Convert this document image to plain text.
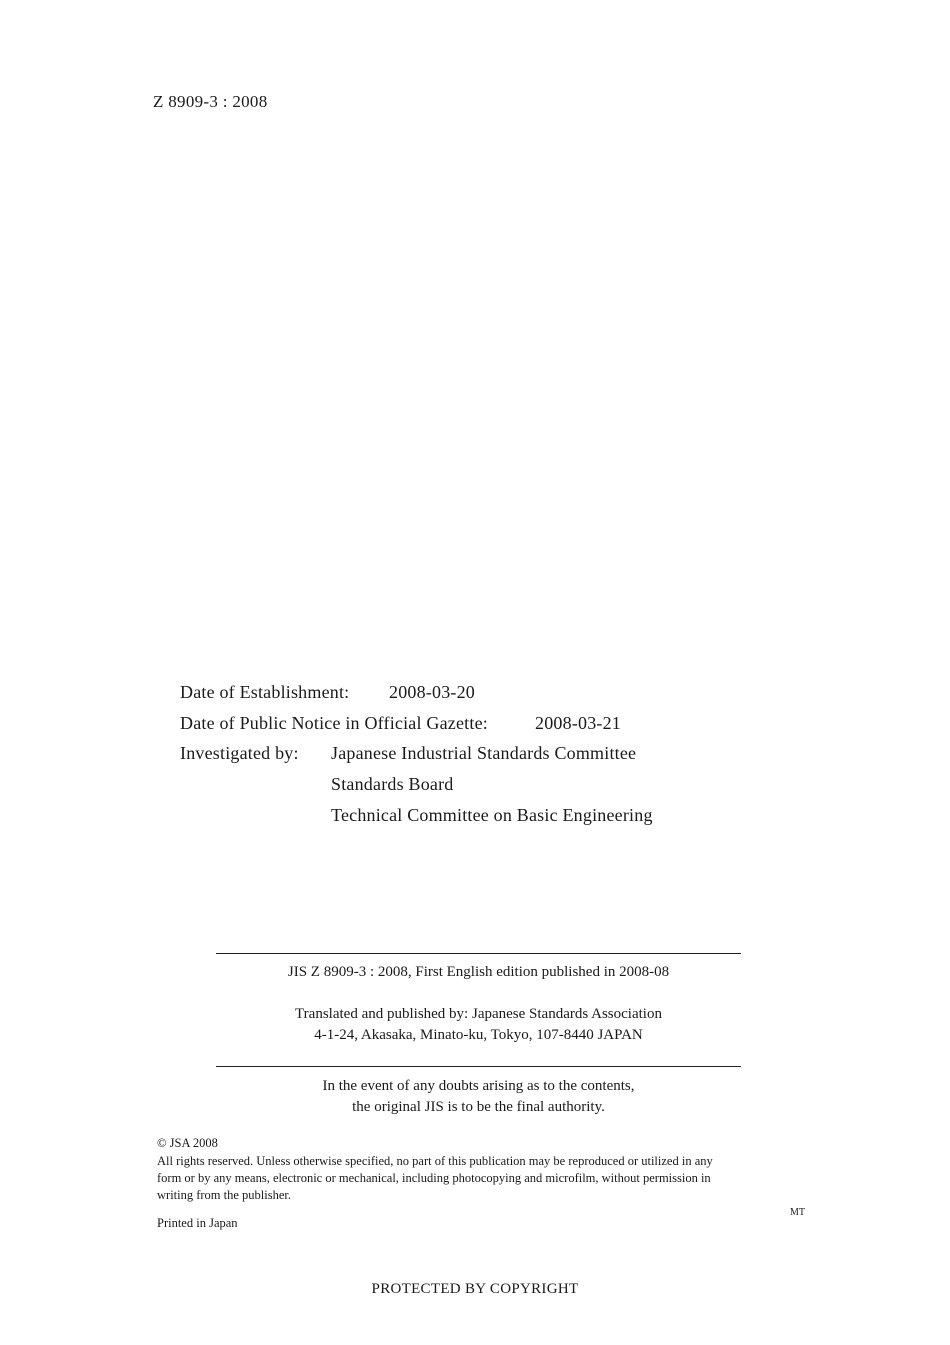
Z 8909-3 : 2008
Date of Establishment: 2008-03-20
Date of Public Notice in Official Gazette:	2008-03-21
Investigated by: Japanese Industrial Standards Committee
Standards Board
Technical Committee on Basic Engineering
JIS Z 8909-3 : 2008, First English edition published in 2008-08
Translated and published by: Japanese Standards Association
4-1-24, Akasaka, Minato-ku, Tokyo, 107-8440 JAPAN
In the event of any doubts arising as to the contents,
the original JIS is to be the final authority.
© JSA 2008
All rights reserved. Unless otherwise specified, no part of this publication may be reproduced or utilized in any
form or by any means, electronic or mechanical, including photocopying and microfilm, without permission in
writing from the publisher.
MT
Printed in Japan
PROTECTED BY COPYRIGHT
